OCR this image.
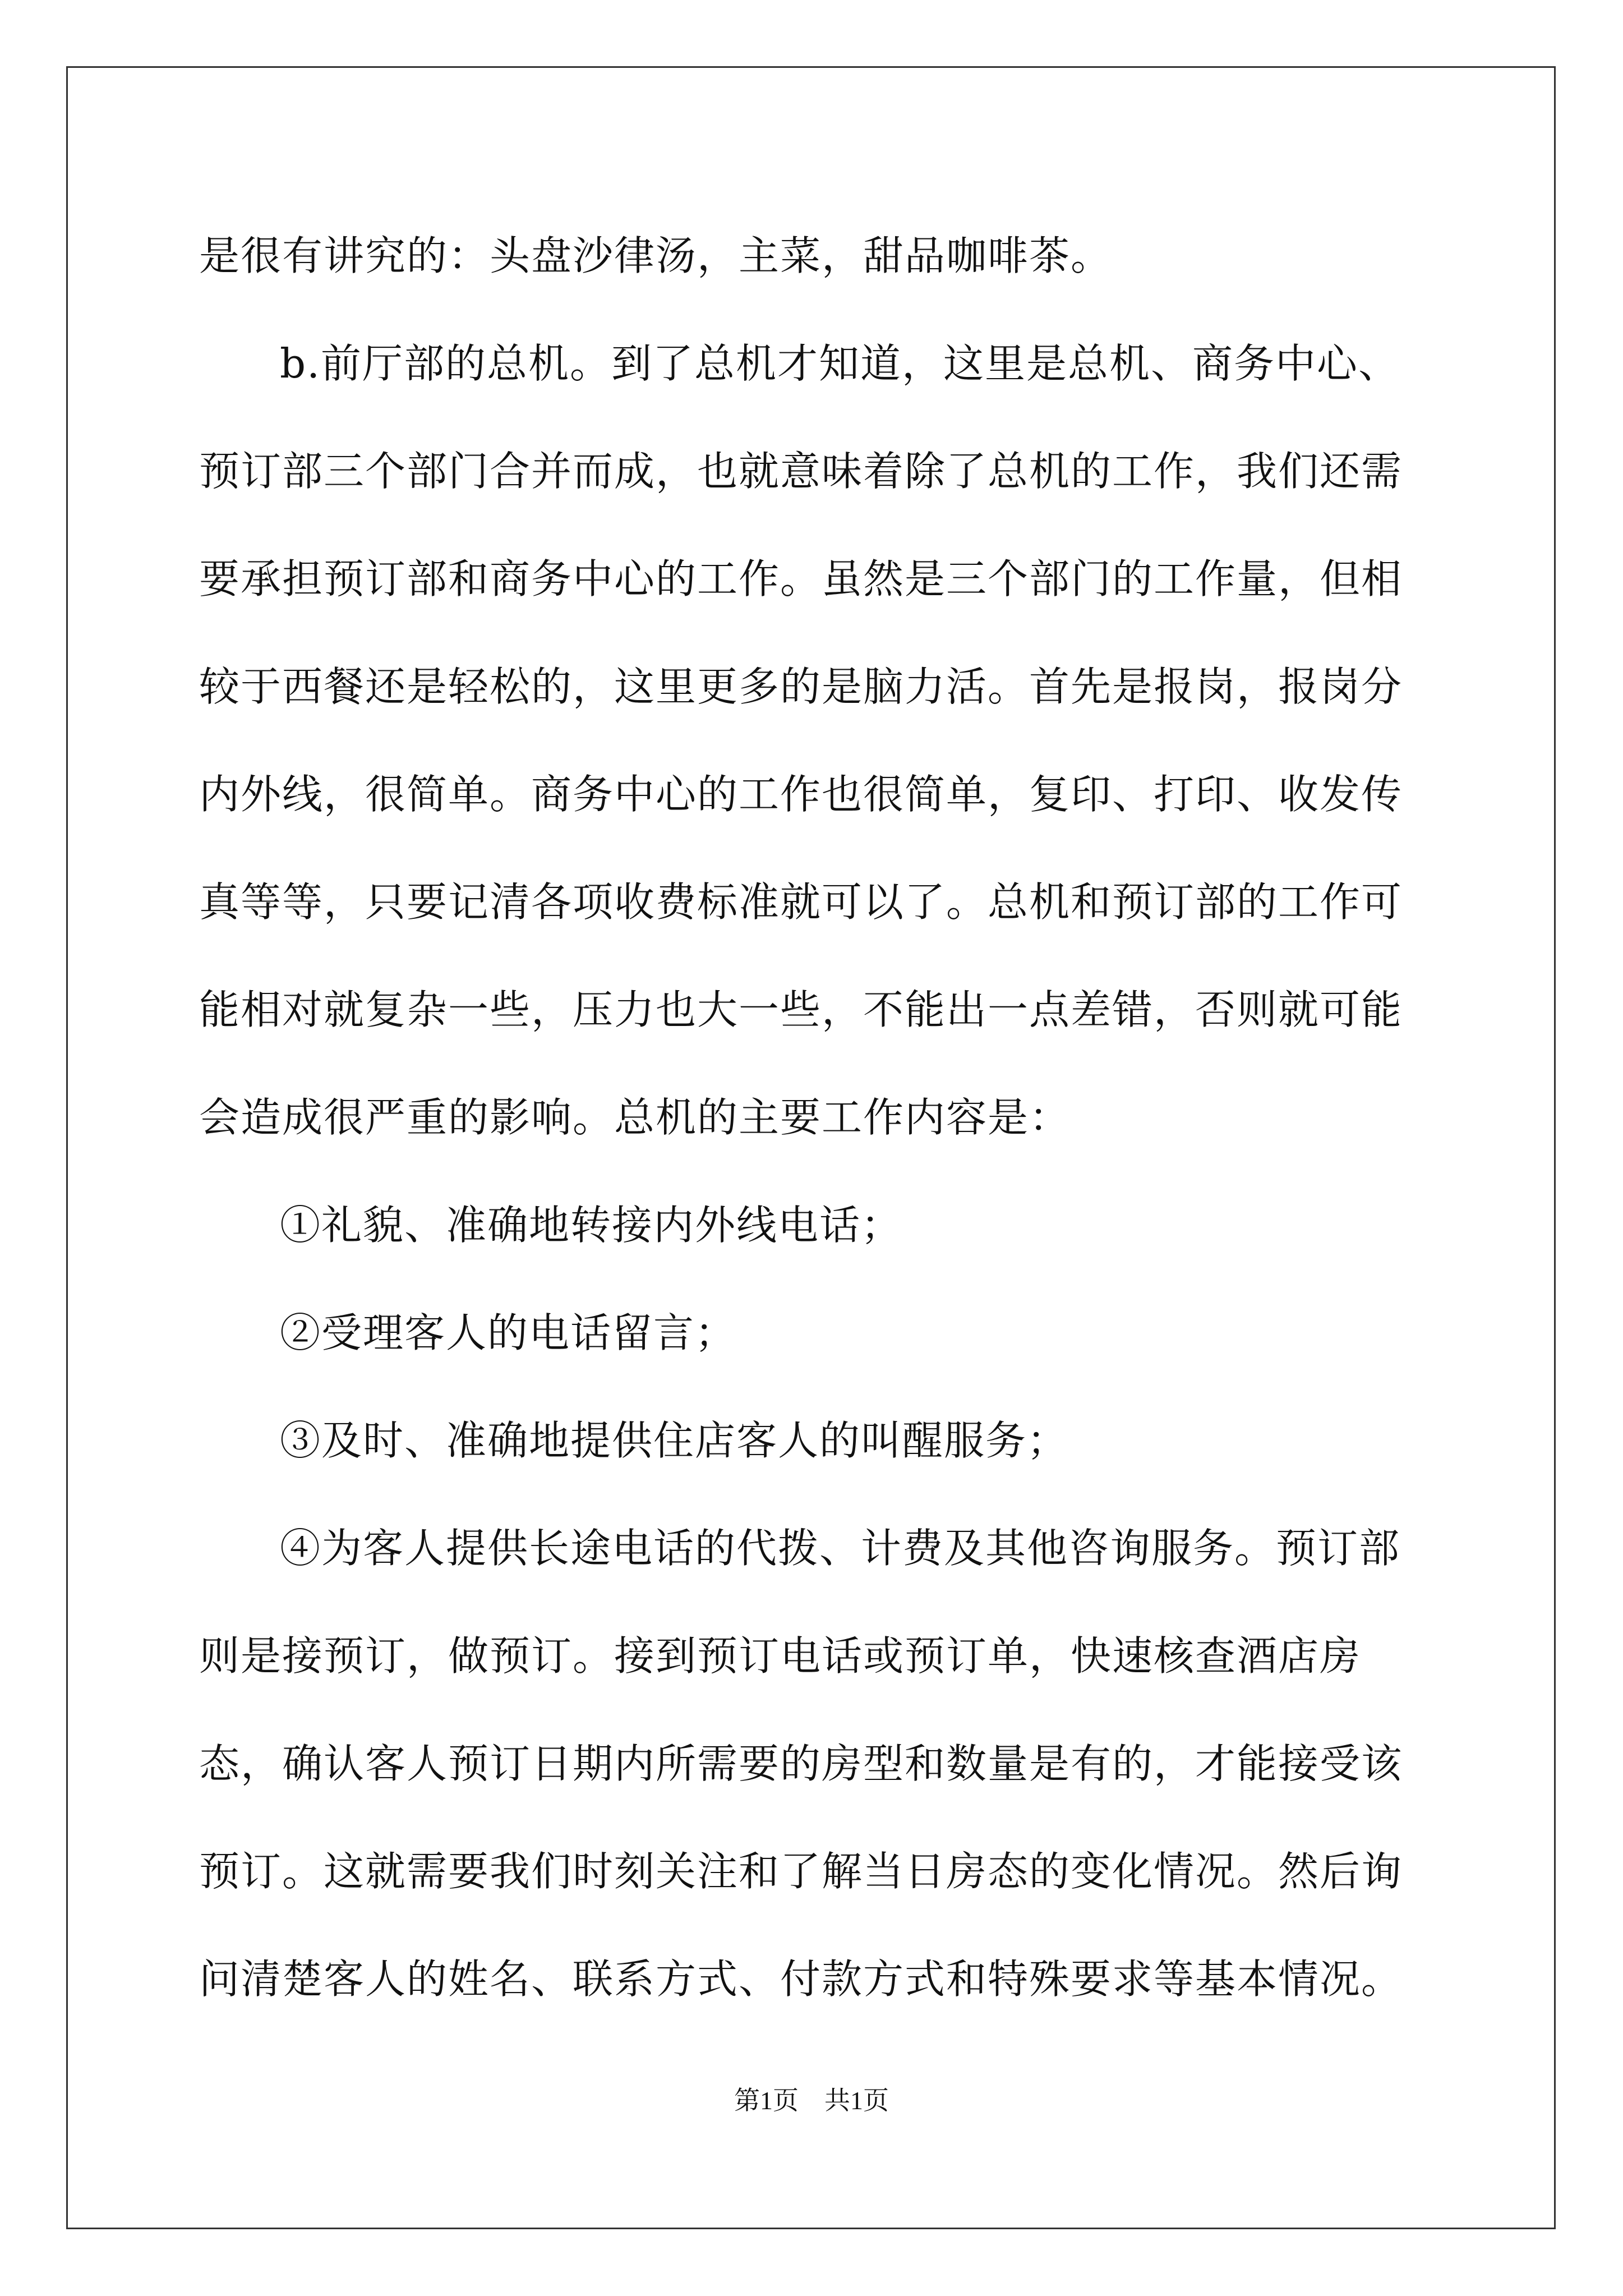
是很有讲究的：头盘沙律汤，主菜，甜品咖啡茶。

b.前厅部的总机。到了总机才知道，这里是总机、商务中心、预订部三个部门合并而成，也就意味着除了总机的工作，我们还需要承担预订部和商务中心的工作。虽然是三个部门的工作量，但相较于西餐还是轻松的，这里更多的是脑力活。首先是报岗，报岗分内外线，很简单。商务中心的工作也很简单，复印、打印、收发传真等等，只要记清各项收费标准就可以了。总机和预订部的工作可能相对就复杂一些，压力也大一些，不能出一点差错，否则就可能会造成很严重的影响。总机的主要工作内容是：

①礼貌、准确地转接内外线电话；

②受理客人的电话留言；

③及时、准确地提供住店客人的叫醒服务；

④为客人提供长途电话的代拨、计费及其他咨询服务。预订部则是接预订，做预订。接到预订电话或预订单，快速核查酒店房态，确认客人预订日期内所需要的房型和数量是有的，才能接受该预订。这就需要我们时刻关注和了解当日房态的变化情况。然后询问清楚客人的姓名、联系方式、付款方式和特殊要求等基本情况。

第1页 共1页
